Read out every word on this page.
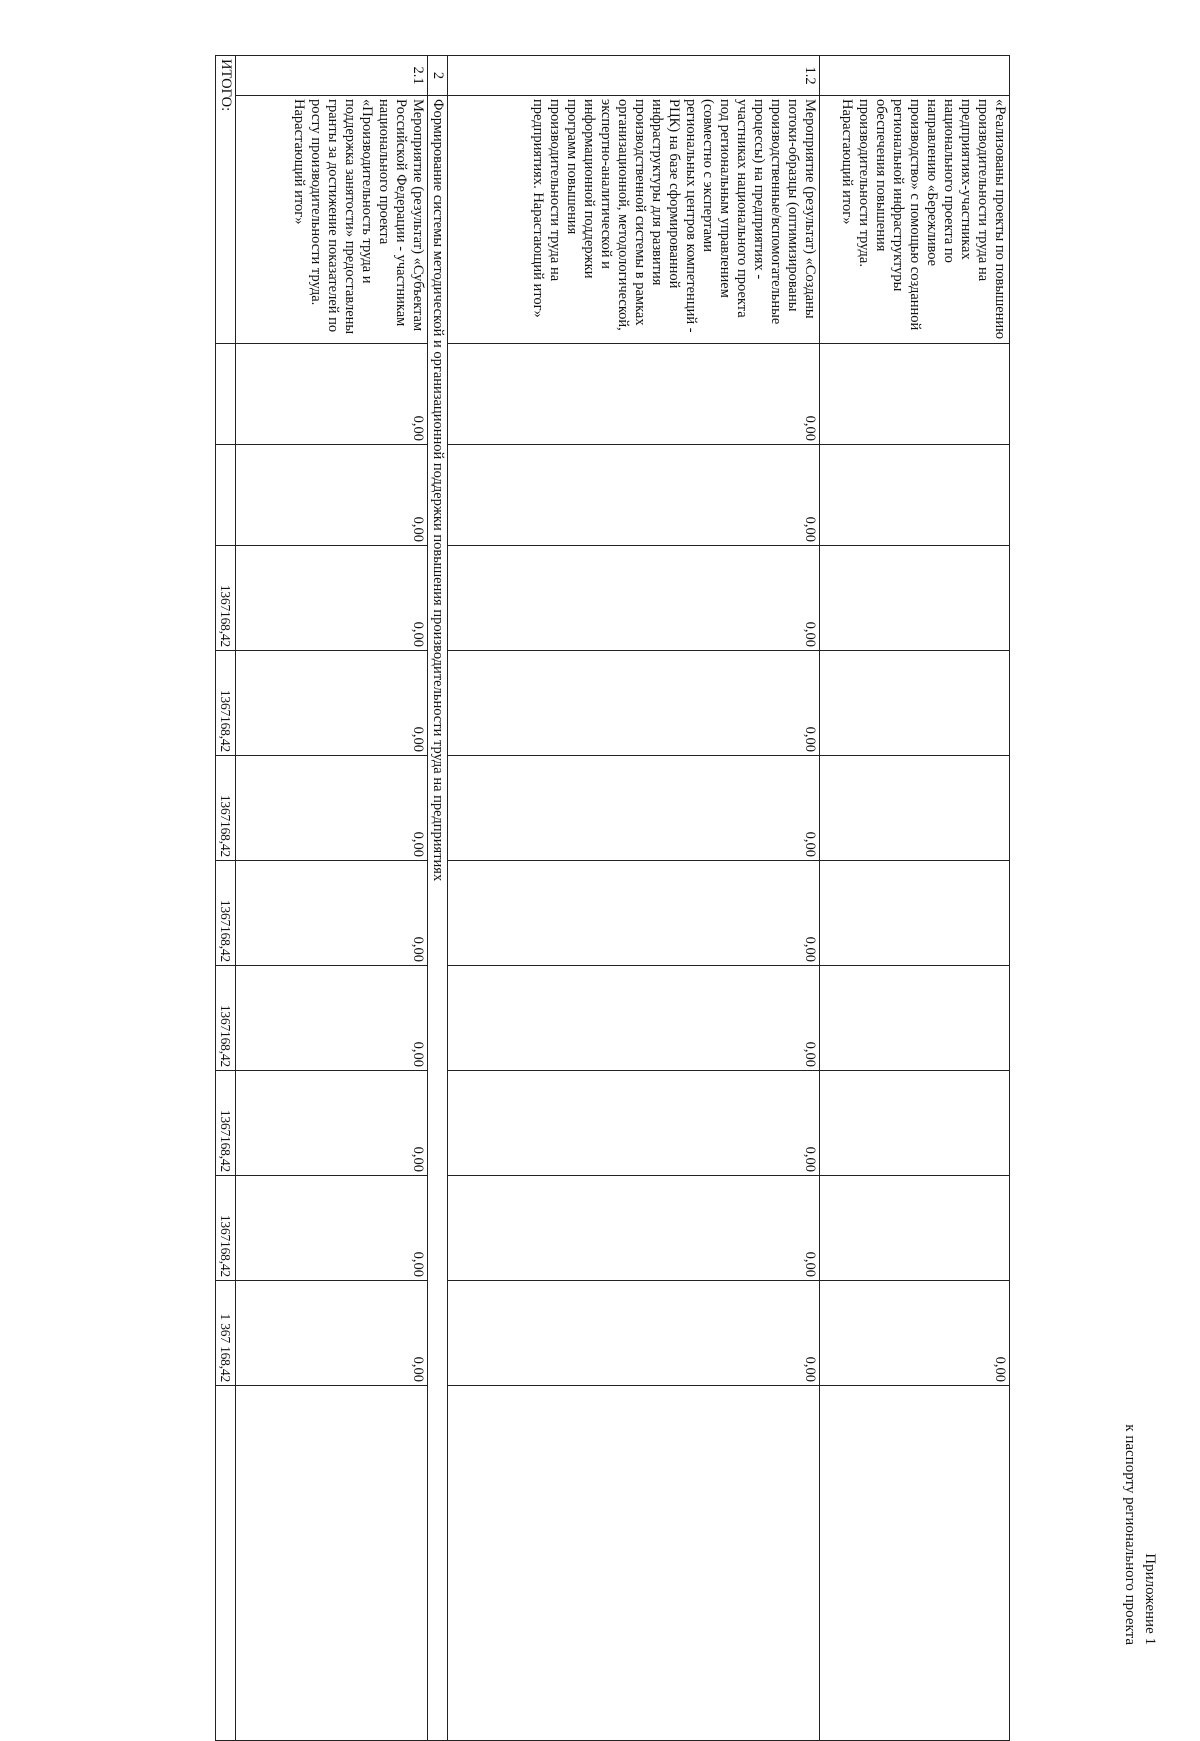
Приложение 1
к паспорту регионального проекта
	«Реализованы проекты по повышению производительности труда на предприятиях-участниках национального проекта по направлению «Бережливое производство» с помощью созданной региональной инфраструктуры обеспечения повышения производительности труда. Нарастающий итог»										0,00	
1.2	Мероприятие (результат) «Созданы потоки-образцы (оптимизированы производственные/вспомогательные процессы) на предприятиях - участниках национального проекта под региональным управлением (совместно с экспертами региональных центров компетенций - РЦК) на базе сформированной инфраструктуры для развития производственной системы в рамках организационной, методологической, экспертно-аналитической и информационной поддержки программ повышения производительности труда на предприятиях. Нарастающий итог»	0,00	0,00	0,00	0,00	0,00	0,00	0,00	0,00	0,00	0,00	
2	Формирование системы методической и организационной поддержки повышения производительности труда на предприятиях											
2.1	Мероприятие (результат) «Субъектам Российской Федерации - участникам национального проекта «Производительность труда и поддержка занятости» предоставлены гранты за достижение показателей по росту производительности труда. Нарастающий итог»	0,00	0,00	0,00	0,00	0,00	0,00	0,00	0,00	0,00	0,00	
ИТОГО:				1367168,42	1367168,42	1367168,42	1367168,42	1367168,42	1367168,42	1367168,42	1 367 168,42	
